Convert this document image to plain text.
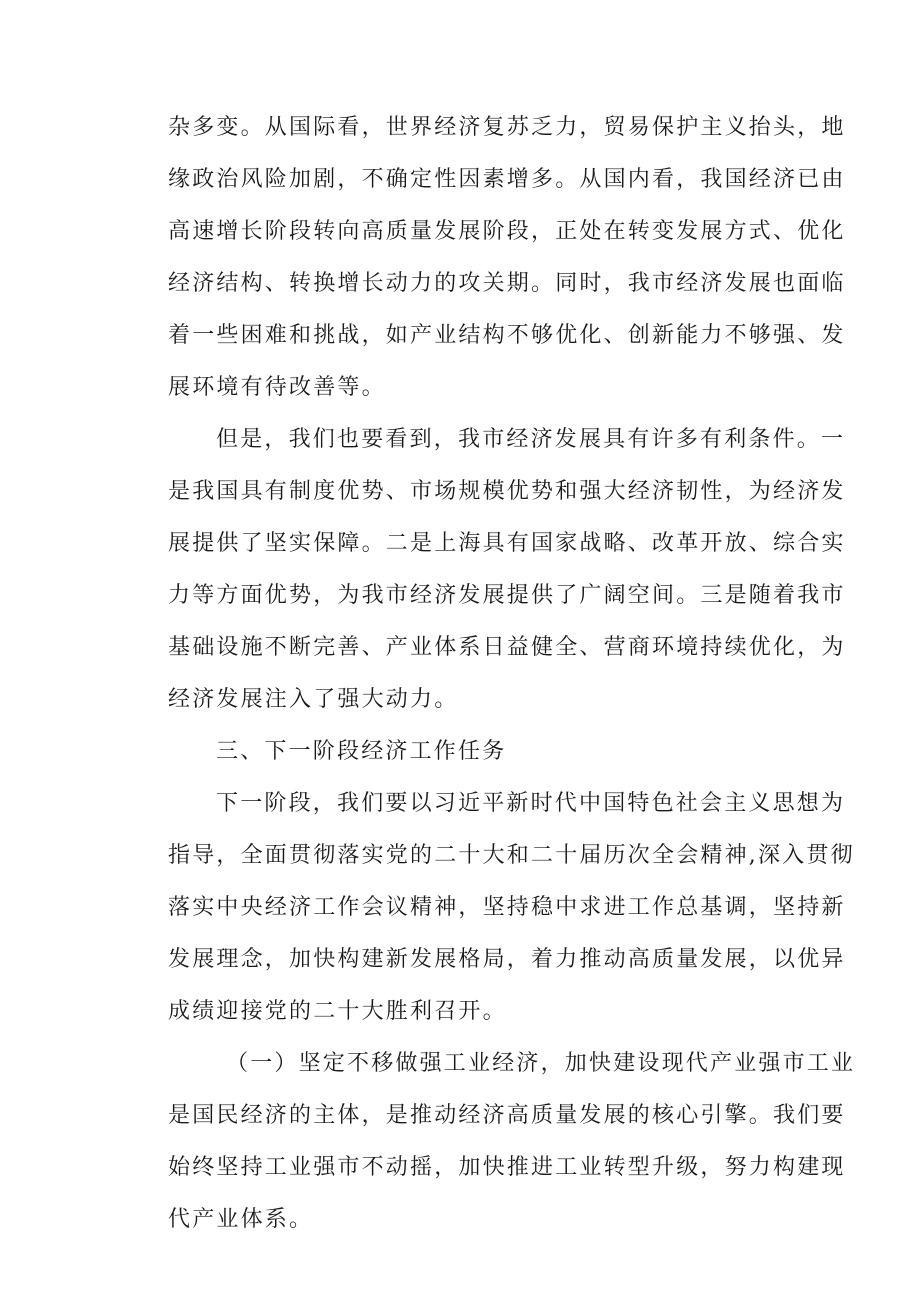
杂多变。从国际看，世界经济复苏乏力，贸易保护主义抬头，地
缘政治风险加剧，不确定性因素增多。从国内看，我国经济已由
高速增长阶段转向高质量发展阶段，正处在转变发展方式、优化
经济结构、转换增长动力的攻关期。同时，我市经济发展也面临
着一些困难和挑战，如产业结构不够优化、创新能力不够强、发
展环境有待改善等。
但是，我们也要看到，我市经济发展具有许多有利条件。一
是我国具有制度优势、市场规模优势和强大经济韧性，为经济发
展提供了坚实保障。二是上海具有国家战略、改革开放、综合实
力等方面优势，为我市经济发展提供了广阔空间。三是随着我市
基础设施不断完善、产业体系日益健全、营商环境持续优化，为
经济发展注入了强大动力。
三、下一阶段经济工作任务
下一阶段，我们要以习近平新时代中国特色社会主义思想为
指导，全面贯彻落实党的二十大和二十届历次全会精神,深入贯彻
落实中央经济工作会议精神，坚持稳中求进工作总基调，坚持新
发展理念，加快构建新发展格局，着力推动高质量发展，以优异
成绩迎接党的二十大胜利召开。
（一）坚定不移做强工业经济，加快建设现代产业强市工业
是国民经济的主体，是推动经济高质量发展的核心引擎。我们要
始终坚持工业强市不动摇，加快推进工业转型升级，努力构建现
代产业体系。
